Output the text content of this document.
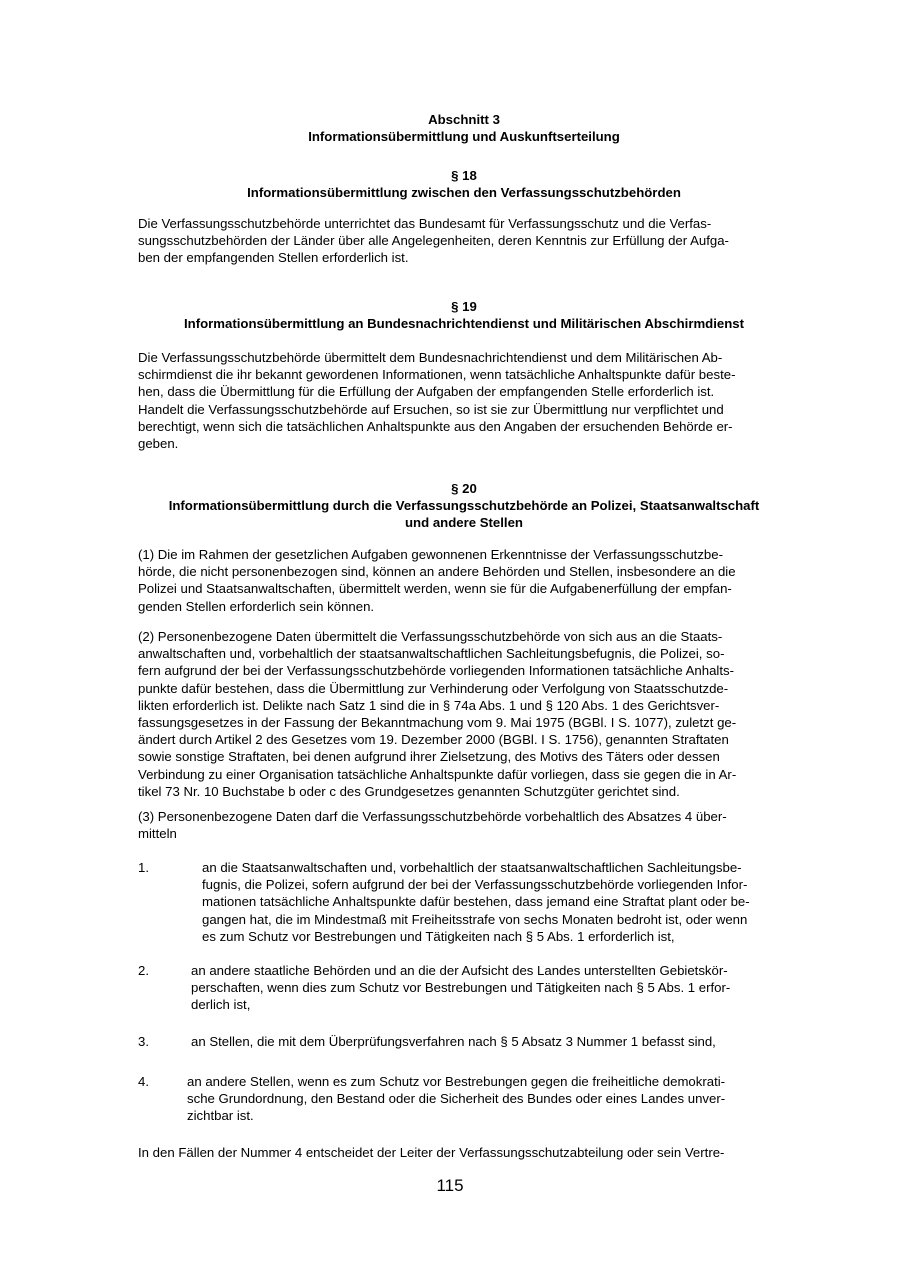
Abschnitt 3
Informationsübermittlung und Auskunftserteilung
§ 18
Informationsübermittlung zwischen den Verfassungsschutzbehörden
Die Verfassungsschutzbehörde unterrichtet das Bundesamt für Verfassungsschutz und die Verfas-
sungsschutzbehörden der Länder über alle Angelegenheiten, deren Kenntnis zur Erfüllung der Aufga-
ben der empfangenden Stellen erforderlich ist.
§ 19
Informationsübermittlung an Bundesnachrichtendienst und Militärischen Abschirmdienst
Die Verfassungsschutzbehörde übermittelt dem Bundesnachrichtendienst und dem Militärischen Ab-
schirmdienst die ihr bekannt gewordenen Informationen, wenn tatsächliche Anhaltspunkte dafür beste-
hen, dass die Übermittlung für die Erfüllung der Aufgaben der empfangenden Stelle erforderlich ist.
Handelt die Verfassungsschutzbehörde auf Ersuchen, so ist sie zur Übermittlung nur verpflichtet und
berechtigt, wenn sich die tatsächlichen Anhaltspunkte aus den Angaben der ersuchenden Behörde er-
geben.
§ 20
Informationsübermittlung durch die Verfassungsschutzbehörde an Polizei, Staatsanwaltschaft
und andere Stellen
(1) Die im Rahmen der gesetzlichen Aufgaben gewonnenen Erkenntnisse der Verfassungsschutzbe-
hörde, die nicht personenbezogen sind, können an andere Behörden und Stellen, insbesondere an die
Polizei und Staatsanwaltschaften, übermittelt werden, wenn sie für die Aufgabenerfüllung der empfan-
genden Stellen erforderlich sein können.
(2) Personenbezogene Daten übermittelt die Verfassungsschutzbehörde von sich aus an die Staats-
anwaltschaften und, vorbehaltlich der staatsanwaltschaftlichen Sachleitungsbefugnis, die Polizei, so-
fern aufgrund der bei der Verfassungsschutzbehörde vorliegenden Informationen tatsächliche Anhalts-
punkte dafür bestehen, dass die Übermittlung zur Verhinderung oder Verfolgung von Staatsschutzde-
likten erforderlich ist. Delikte nach Satz 1 sind die in § 74a Abs. 1 und § 120 Abs. 1 des Gerichtsver-
fassungsgesetzes in der Fassung der Bekanntmachung vom 9. Mai 1975 (BGBl. I S. 1077), zuletzt ge-
ändert durch Artikel 2 des Gesetzes vom 19. Dezember 2000 (BGBl. I S. 1756), genannten Straftaten
sowie sonstige Straftaten, bei denen aufgrund ihrer Zielsetzung, des Motivs des Täters oder dessen
Verbindung zu einer Organisation tatsächliche Anhaltspunkte dafür vorliegen, dass sie gegen die in Ar-
tikel 73 Nr. 10 Buchstabe b oder c des Grundgesetzes genannten Schutzgüter gerichtet sind.
(3) Personenbezogene Daten darf die Verfassungsschutzbehörde vorbehaltlich des Absatzes 4 über-
mitteln
1.	an die Staatsanwaltschaften und, vorbehaltlich der staatsanwaltschaftlichen Sachleitungsbe-
fugnis, die Polizei, sofern aufgrund der bei der Verfassungsschutzbehörde vorliegenden Infor-
mationen tatsächliche Anhaltspunkte dafür bestehen, dass jemand eine Straftat plant oder be-
gangen hat, die im Mindestmaß mit Freiheitsstrafe von sechs Monaten bedroht ist, oder wenn
es zum Schutz vor Bestrebungen und Tätigkeiten nach § 5 Abs. 1 erforderlich ist,
2.	an andere staatliche Behörden und an die der Aufsicht des Landes unterstellten Gebietskör-
perschaften, wenn dies zum Schutz vor Bestrebungen und Tätigkeiten nach § 5 Abs. 1 erfor-
derlich ist,
3.	an Stellen, die mit dem Überprüfungsverfahren nach § 5 Absatz 3 Nummer 1 befasst sind,
4.	an andere Stellen, wenn es zum Schutz vor Bestrebungen gegen die freiheitliche demokrati-
sche Grundordnung, den Bestand oder die Sicherheit des Bundes oder eines Landes unver-
zichtbar ist.
In den Fällen der Nummer 4 entscheidet der Leiter der Verfassungsschutzabteilung oder sein Vertre-
115
